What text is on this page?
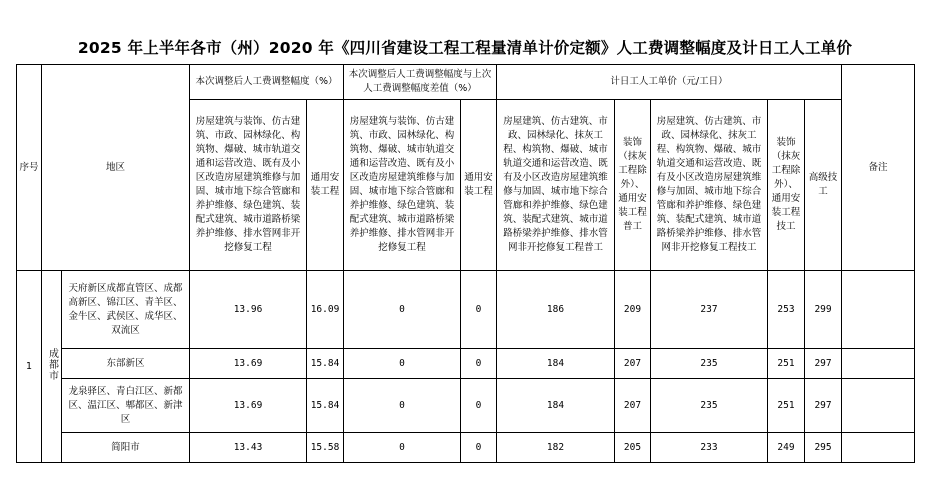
2025 年上半年各市（州）2020 年《四川省建设工程工程量清单计价定额》人工费调整幅度及计日工人工单价
序号	地区		本次调整后人工费调整幅度（%）		本次调整后人工费调整幅度与上次人工费调整幅度差值（%）		计日工人工单价（元/工日）					备注
			房屋建筑与装饰、仿古建筑、市政、园林绿化、构筑物、爆破、城市轨道交通和运营改造、既有及小区改造房屋建筑维修与加固、城市地下综合管廊和养护维修、绿色建筑、装配式建筑、城市道路桥梁养护维修、排水管网非开挖修复工程	通用安装工程	房屋建筑与装饰、仿古建筑、市政、园林绿化、构筑物、爆破、城市轨道交通和运营改造、既有及小区改造房屋建筑维修与加固、城市地下综合管廊和养护维修、绿色建筑、装配式建筑、城市道路桥梁养护维修、排水管网非开挖修复工程	通用安装工程	房屋建筑、仿古建筑、市政、园林绿化、抹灰工程、构筑物、爆破、城市轨道交通和运营改造、既有及小区改造房屋建筑维修与加固、城市地下综合管廊和养护维修、绿色建筑、装配式建筑、城市道路桥梁养护维修、排水管网非开挖修复工程普工	装饰（抹灰工程除外）、通用安装工程普工	房屋建筑、仿古建筑、市政、园林绿化、抹灰工程、构筑物、爆破、城市轨道交通和运营改造、既有及小区改造房屋建筑维修与加固、城市地下综合管廊和养护维修、绿色建筑、装配式建筑、城市道路桥梁养护维修、排水管网非开挖修复工程技工	装饰（抹灰工程除外）、通用安装工程技工	高级技工	
1	成都市	天府新区成都直管区、成都高新区、锦江区、青羊区、金牛区、武侯区、成华区、双流区	13.96	16.09	0	0	186	209	237	253	299	
		东部新区	13.69	15.84	0	0	184	207	235	251	297	
		龙泉驿区、青白江区、新都区、温江区、郫都区、新津区	13.69	15.84	0	0	184	207	235	251	297	
		简阳市	13.43	15.58	0	0	182	205	233	249	295	
